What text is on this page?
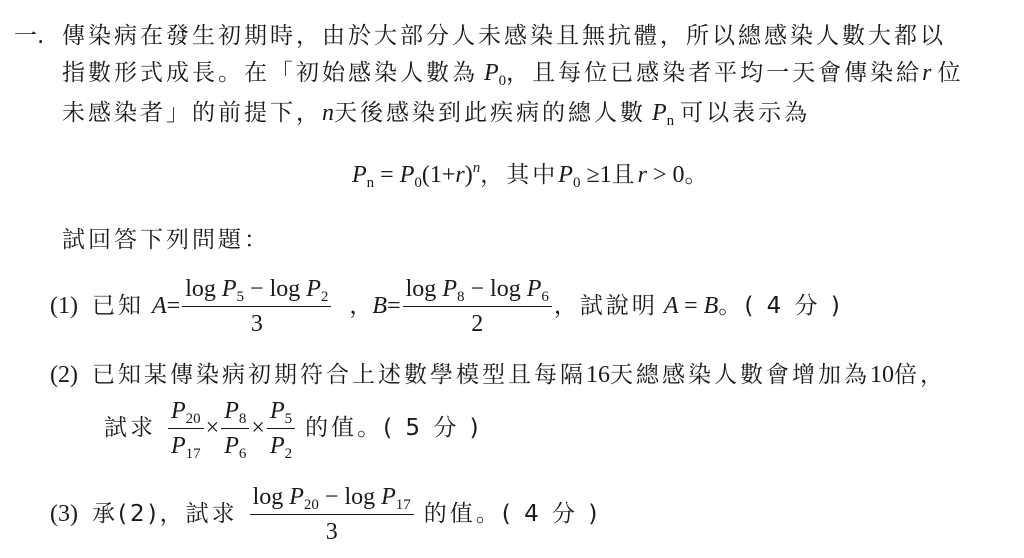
一. 傳染病在發生初期時，由於大部分人未感染且無抗體，所以總感染人數大都以
指數形式成長。在「初始感染人數為 $P_0$，且每位已感染者平均一天會傳染給r 位
未感染者」的前提下，n天後感染到此疾病的總人數 $P_n$ 可以表示為
$P_n = P_0(1+r)^n$，其中$P_0 \ge 1$且r > 0。
試回答下列問題：
(1) 已知 $A= \frac{\log P_5 - \log P_2}{3}$ ， $B= \frac{\log P_8 - \log P_6}{2}$ ，試說明 A = B 。( 4 分 )
(2) 已知某傳染病初期符合上述數學模型且每隔16天總感染人數會增加為10倍，
試求 $\frac{P_{20}}{P_{17}} \times \frac{P_8}{P_6} \times \frac{P_5}{P_2}$ 的值 。( 5 分 )
(3) 承(2)，試求 $\frac{\log P_{20} - \log P_{17}}{3}$ 的值 。( 4 分 )
